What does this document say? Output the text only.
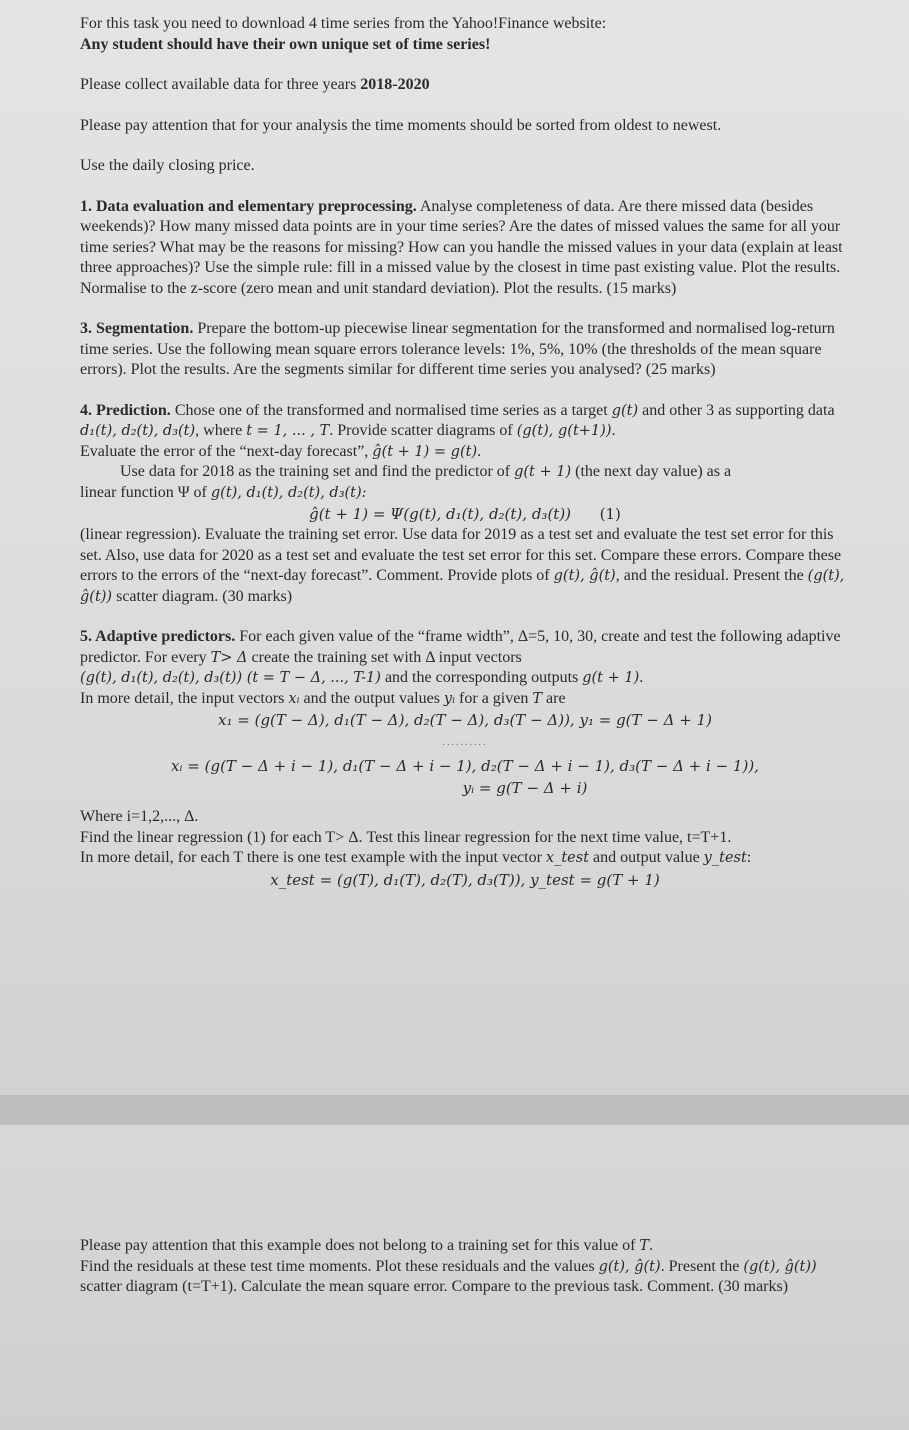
For this task you need to download 4 time series from the Yahoo!Finance website:

Any student should have their own unique set of time series!

Please collect available data for three years 2018-2020

Please pay attention that for your analysis the time moments should be sorted from oldest to newest.

Use the daily closing price.

1. Data evaluation and elementary preprocessing. Analyse completeness of data. Are there missed data (besides weekends)? How many missed data points are in your time series? Are the dates of missed values the same for all your time series? What may be the reasons for missing? How can you handle the missed values in your data (explain at least three approaches)? Use the simple rule: fill in a missed value by the closest in time past existing value. Plot the results. Normalise to the z-score (zero mean and unit standard deviation). Plot the results. (15 marks)

3. Segmentation. Prepare the bottom-up piecewise linear segmentation for the transformed and normalised log-return time series. Use the following mean square errors tolerance levels: 1%, 5%, 10% (the thresholds of the mean square errors). Plot the results. Are the segments similar for different time series you analysed? (25 marks)

4. Prediction. Chose one of the transformed and normalised time series as a target g(t) and other 3 as supporting data d₁(t), d₂(t), d₃(t), where t = 1, ... , T. Provide scatter diagrams of (g(t), g(t+1)).
Evaluate the error of the “next-day forecast”, ĝ(t + 1) = g(t).

Use data for 2018 as the training set and find the predictor of g(t + 1) (the next day value) as a

linear function Ψ of g(t), d₁(t), d₂(t), d₃(t):

ĝ(t + 1) = Ψ(g(t), d₁(t), d₂(t), d₃(t)) (1)

(linear regression). Evaluate the training set error. Use data for 2019 as a test set and evaluate the test set error for this set. Also, use data for 2020 as a test set and evaluate the test set error for this set. Compare these errors. Compare these errors to the errors of the “next-day forecast”. Comment. Provide plots of g(t), ĝ(t), and the residual. Present the (g(t), ĝ(t)) scatter diagram. (30 marks)

5. Adaptive predictors. For each given value of the “frame width”, Δ=5, 10, 30, create and test the following adaptive predictor. For every T> Δ create the training set with Δ input vectors
(g(t), d₁(t), d₂(t), d₃(t)) (t = T − Δ, ..., T-1) and the corresponding outputs g(t + 1).

In more detail, the input vectors xᵢ and the output values yᵢ for a given T are

x₁ = (g(T − Δ), d₁(T − Δ), d₂(T − Δ), d₃(T − Δ)), y₁ = g(T − Δ + 1)

..........

xᵢ = (g(T − Δ + i − 1), d₁(T − Δ + i − 1), d₂(T − Δ + i − 1), d₃(T − Δ + i − 1)),

yᵢ = g(T − Δ + i)

Where i=1,2,..., Δ.

Find the linear regression (1) for each T> Δ. Test this linear regression for the next time value, t=T+1.

In more detail, for each T there is one test example with the input vector x_test and output value y_test:

x_test = (g(T), d₁(T), d₂(T), d₃(T)), y_test = g(T + 1)

Please pay attention that this example does not belong to a training set for this value of T.

Find the residuals at these test time moments. Plot these residuals and the values g(t), ĝ(t). Present the (g(t), ĝ(t)) scatter diagram (t=T+1). Calculate the mean square error. Compare to the previous task. Comment. (30 marks)
